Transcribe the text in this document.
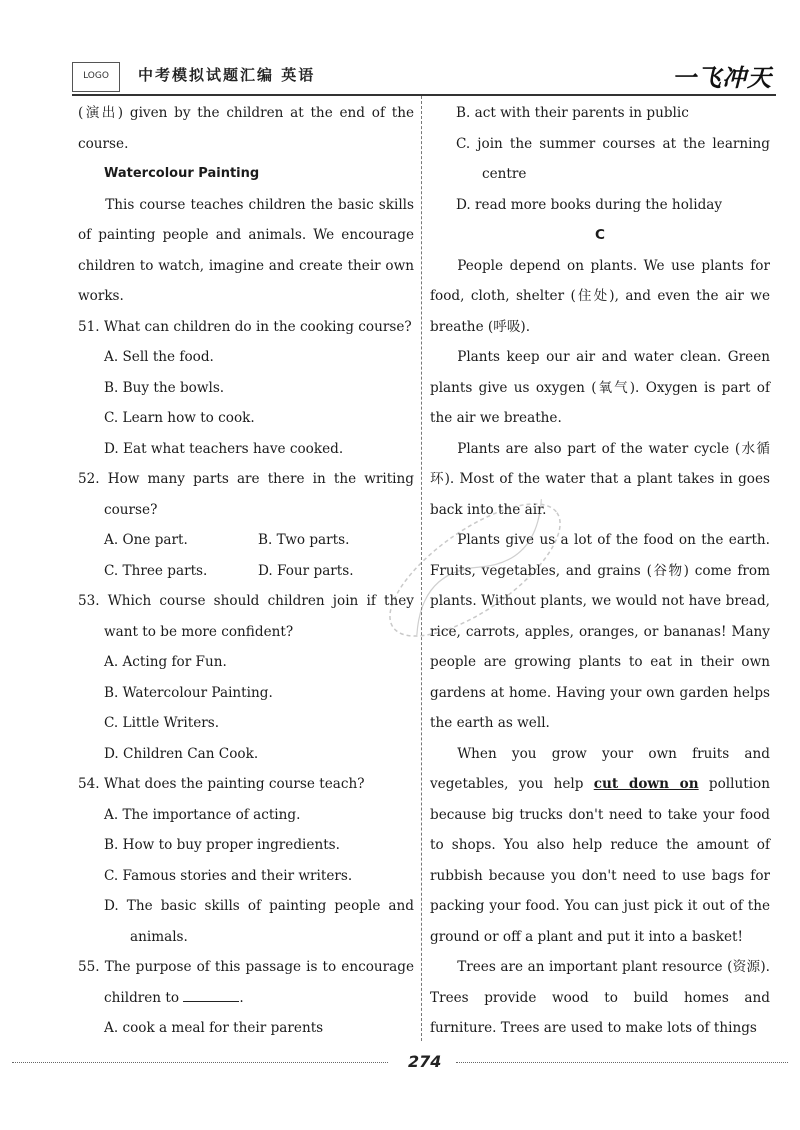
LOGO	中考模拟试题汇编 英语	一飞冲天

(演出) given by the children at the end of the

course.

Watercolour Painting

This course teaches children the basic skills of painting people and animals. We encourage children to watch, imagine and create their own works.

51. What can children do in the cooking course?

A. Sell the food.

B. Buy the bowls.

C. Learn how to cook.

D. Eat what teachers have cooked.

52. How many parts are there in the writing course?

A. One part.	B. Two parts.
C. Three parts.	D. Four parts.

53. Which course should children join if they want to be more confident?

A. Acting for Fun.

B. Watercolour Painting.

C. Little Writers.

D. Children Can Cook.

54. What does the painting course teach?

A. The importance of acting.

B. How to buy proper ingredients.

C. Famous stories and their writers.

D. The basic skills of painting people and animals.

55. The purpose of this passage is to encourage children to	.

A. cook a meal for their parents

B. act with their parents in public

C. join the summer courses at the learning centre

D. read more books during the holiday

C

People depend on plants. We use plants for food, cloth, shelter (住处), and even the air we breathe (呼吸).

Plants keep our air and water clean. Green plants give us oxygen (氧气). Oxygen is part of the air we breathe.

Plants are also part of the water cycle (水循环). Most of the water that a plant takes in goes back into the air.

Plants give us a lot of the food on the earth. Fruits, vegetables, and grains (谷物) come from plants. Without plants, we would not have bread, rice, carrots, apples, oranges, or bananas! Many people are growing plants to eat in their own gardens at home. Having your own garden helps the earth as well.

When you grow your own fruits and vegetables, you help cut down on pollution because big trucks don't need to take your food to shops. You also help reduce the amount of rubbish because you don't need to use bags for packing your food. You can just pick it out of the ground or off a plant and put it into a basket!

Trees are an important plant resource (资源). Trees provide wood to build homes and furniture. Trees are used to make lots of things

274
